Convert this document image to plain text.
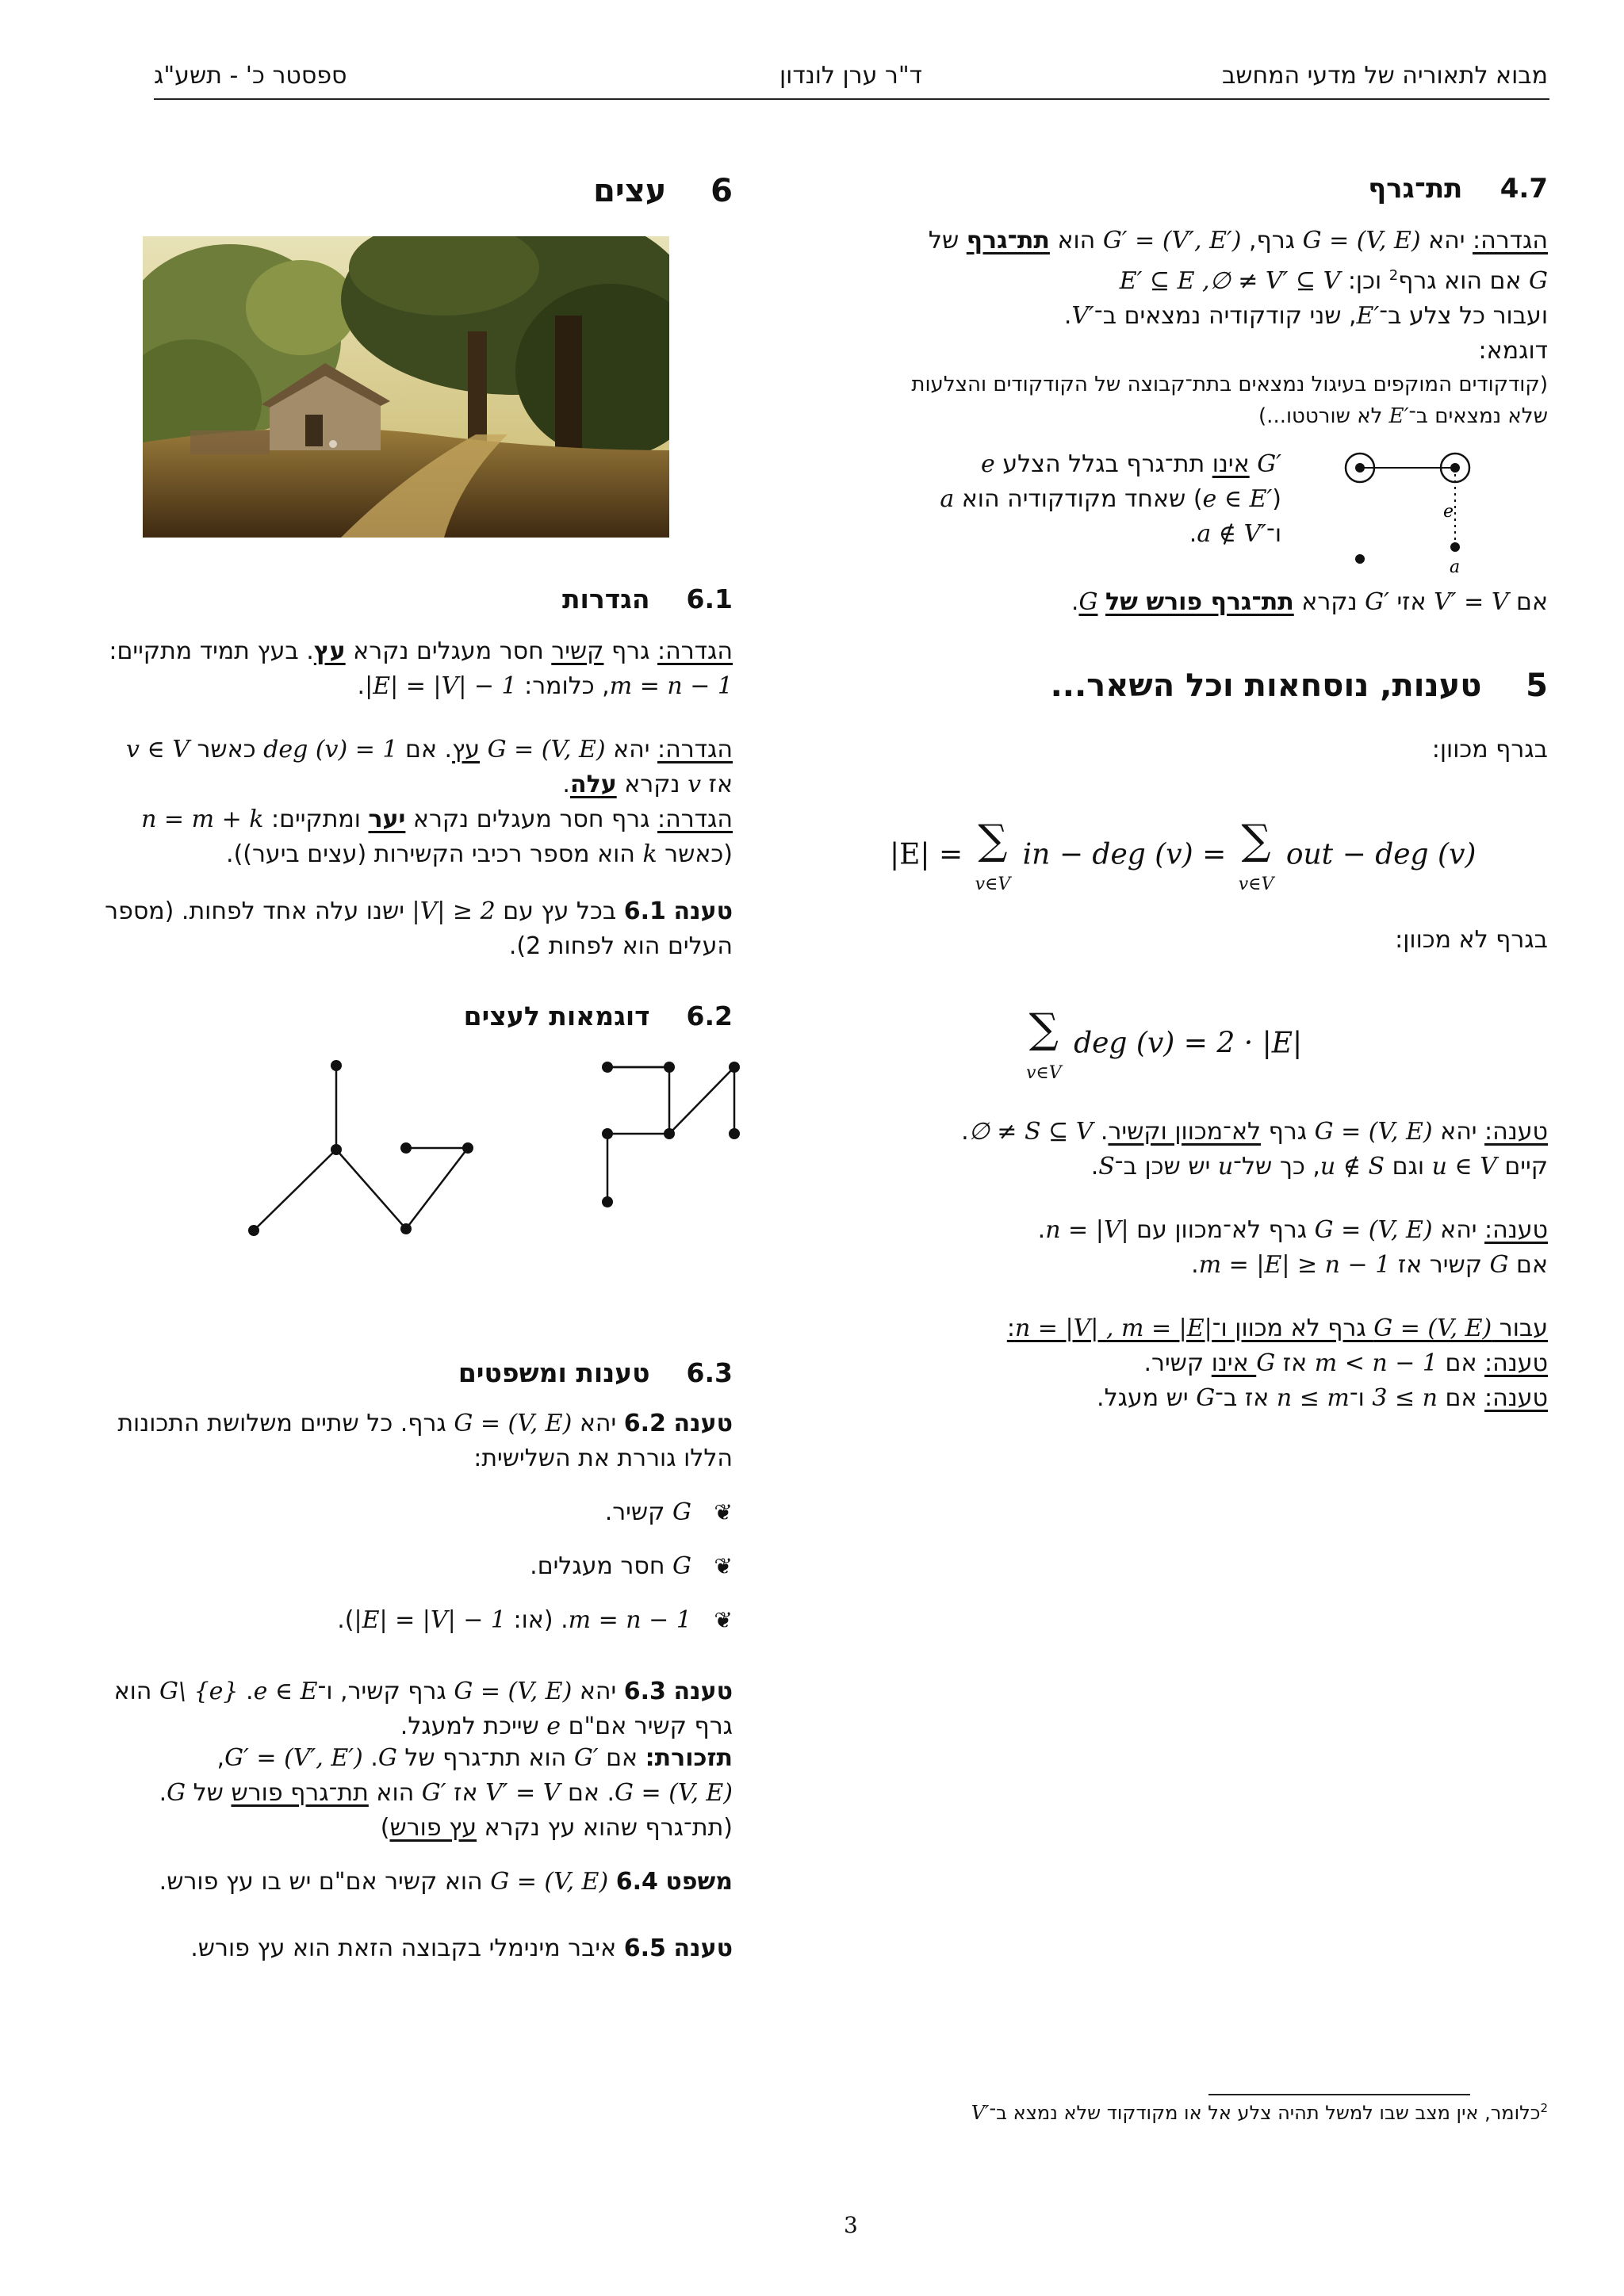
ספסטר כ' - תשע"ג	ד"ר ערן לונדון	מבוא לתאוריה של מדעי המחשב
4.7    תת־גרף

הגדרה: יהא G = (V, E) גרף, G′ = (V′, E′) הוא תת־גרף של

G אם הוא גרף$^2$ וכן: E′ ⊆ E ,∅ ≠ V′ ⊆ V

ועבור כל צלע ב־E′, שני קודקודיה נמצאים ב־V′.

דוגמא:

(קודקודים המוקפים בעיגול נמצאים בתת־קבוצה של הקודקודים והצלעות

שלא נמצאים ב־E′ לא שורטטו...)

e
a

G′ אינו תת־גרף בגלל הצלע e

(e ∈ E′) שאחד מקודקודיה הוא a

ו־a ∉ V′.

אם V′ = V אזי G′ נקרא תת־גרף פורש של G.

5    טענות, נוסחאות וכל השאר...
בגרף מכוון:
|E| = ∑
v∈V in − deg (v) = ∑
v∈V out − deg (v)
בגרף לא מכוון:
∑
v∈V deg (v) = 2 · |E|

טענה: יהא G = (V, E) גרף לא־מכוון וקשיר. ∅ ≠ S ⊆ V.

קיים u ∈ V וגם u ∉ S, כך של־u יש שכן ב־S.

טענה: יהא G = (V, E) גרף לא־מכוון עם n = |V|.

אם G קשיר אז m = |E| ≥ n − 1.

עבור G = (V, E) גרף לא מכוון ו־n = |V| , m = |E|:

טענה: אם m < n − 1 אז G אינו קשיר.

טענה: אם 3 ≤ n ו־n ≤ m אז ב־G יש מעגל.

$^2$כלומר, אין מצב שבו למשל תהיה צלע אל או מקודקוד שלא נמצא ב־V′
6    עצים
6.1    הגדרות

הגדרה: גרף קשיר חסר מעגלים נקרא עץ. בעץ תמיד מתקיים:

m = n − 1, כלומר: |E| = |V| − 1.

הגדרה: יהא G = (V, E) עץ. אם deg (v) = 1 כאשר v ∈ V

אז v נקרא עלה.

הגדרה: גרף חסר מעגלים נקרא יער ומתקיים: n = m + k

(כאשר k הוא מספר רכיבי הקשירות (עצים ביער)).

טענה 6.1 בכל עץ עם |V| ≥ 2 ישנו עלה אחד לפחות. (מספר

העלים הוא לפחות 2).

6.2    דוגמאות לעצים
6.3    טענות ומשפטים

טענה 6.2 יהא G = (V, E) גרף. כל שתיים משלושת התכונות

הללו גוררת את השלישית:

❦   G קשיר.

❦   G חסר מעגלים.

❦   m = n − 1. (או: |E| = |V| − 1).

טענה 6.3 יהא G = (V, E) גרף קשיר, ו־e ∈ E. G\ {e} הוא

גרף קשיר אם"ם e שייכת למעגל.

תזכורת: אם G′ הוא תת־גרף של G. G′ = (V′, E′),

G = (V, E). אם V′ = V אז G′ הוא תת־גרף פורש של G.

(תת־גרף שהוא עץ נקרא עץ פורש)

משפט 6.4 G = (V, E) הוא קשיר אם"ם יש בו עץ פורש.

טענה 6.5 איבר מינימלי בקבוצה הזאת הוא עץ פורש.

3
